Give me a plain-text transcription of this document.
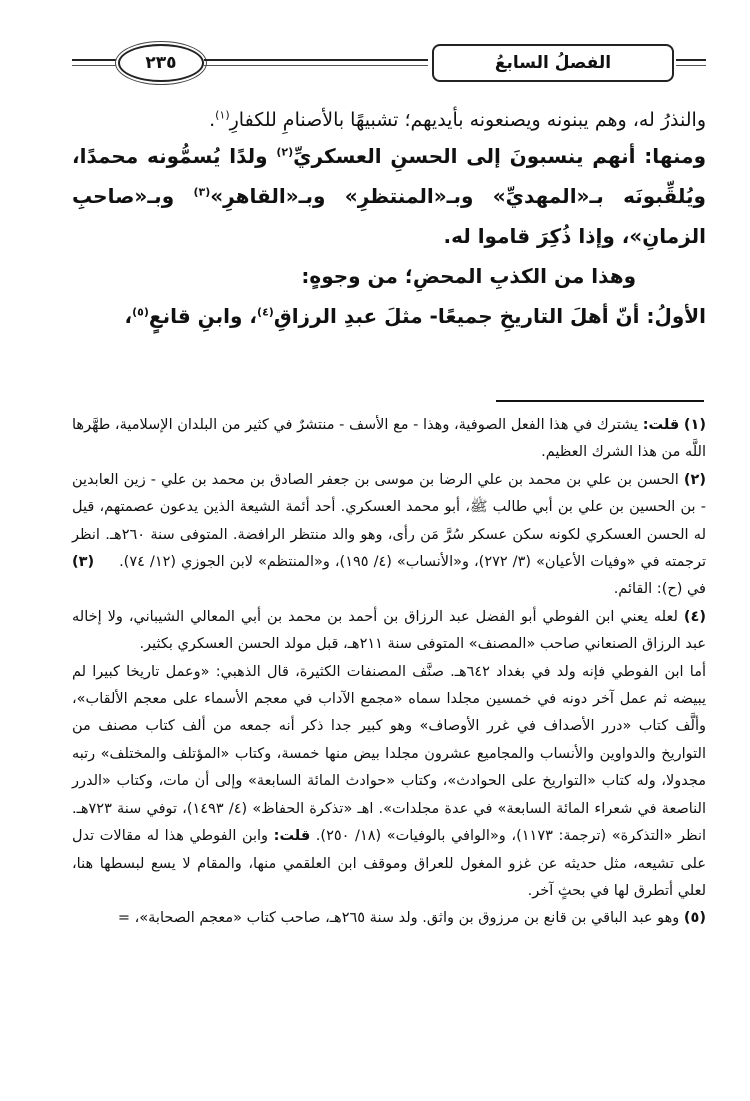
٢٣٥	الفصلُ السابعُ

والنذرُ له، وهم يبنونه ويصنعونه بأيديهم؛ تشبيهًا بالأصنامِ للكفارِ$^{(١)}$.

ومنها: أنهم ينسبونَ إلى الحسنِ العسكريِّ$^{(٢)}$ ولدًا يُسمُّونه محمدًا، ويُلقِّبونَه بـ«المهديِّ» وبـ«المنتظرِ» وبـ«القاهرِ»$^{(٣)}$ وبـ«صاحبِ الزمانِ»، وإذا ذُكِرَ قاموا له.

وهذا من الكذبِ المحضِ؛ من وجوهٍ:

الأولُ: أنّ أهلَ التاريخِ جميعًا- مثلَ عبدِ الرزاقِ$^{(٤)}$، وابنِ قانعٍ$^{(٥)}$،

(١) قلت: يشترك في هذا الفعل الصوفية، وهذا - مع الأسف - منتشرٌ في كثير من البلدان الإسلامية، طهَّرها اللَّه من هذا الشرك العظيم.

(٢) الحسن بن علي بن محمد بن علي الرضا بن موسى بن جعفر الصادق بن محمد بن علي - زين العابدين - بن الحسين بن علي بن أبي طالب ﷺ، أبو محمد العسكري. أحد أئمة الشيعة الذين يدعون عصمتهم، قيل له الحسن العسكري لكونه سكن عسكر سُرَّ مَن رأى، وهو والد منتظر الرافضة. المتوفى سنة ٢٦٠هـ. انظر ترجمته في «وفيات الأعيان» (٣/ ٢٧٢)، و«الأنساب» (٤/ ١٩٥)، و«المنتظم» لابن الجوزي (١٢/ ٧٤).     (٣) في (ح): القائم.

(٤) لعله يعني ابن الفوطي أبو الفضل عبد الرزاق بن أحمد بن محمد بن أبي المعالي الشيباني، ولا إخاله عبد الرزاق الصنعاني صاحب «المصنف» المتوفى سنة ٢١١هـ، قبل مولد الحسن العسكري بكثير.

أما ابن الفوطي فإنه ولد في بغداد ٦٤٢هـ. صنَّف المصنفات الكثيرة، قال الذهبي: «وعمل تاريخا كبيرا لم يبيضه ثم عمل آخر دونه في خمسين مجلدا سماه «مجمع الآداب في معجم الأسماء على معجم الألقاب»، وألَّف كتاب «درر الأصداف في غرر الأوصاف» وهو كبير جدا ذكر أنه جمعه من ألف كتاب مصنف من التواريخ والدواوين والأنساب والمجاميع عشرون مجلدا بيض منها خمسة، وكتاب «المؤتلف والمختلف» رتبه مجدولا، وله كتاب «التواريخ على الحوادث»، وكتاب «حوادث المائة السابعة» وإلى أن مات، وكتاب «الدرر الناصعة في شعراء المائة السابعة» في عدة مجلدات». اهـ «تذكرة الحفاظ» (٤/ ١٤٩٣)، توفي سنة ٧٢٣هـ. انظر «التذكرة» (ترجمة: ١١٧٣)، و«الوافي بالوفيات» (١٨/ ٢٥٠). قلت: وابن الفوطي هذا له مقالات تدل على تشيعه، مثل حديثه عن غزو المغول للعراق وموقف ابن العلقمي منها، والمقام لا يسع لبسطها هنا، لعلي أتطرق لها في بحثٍ آخر.

(٥) وهو عبد الباقي بن قانع بن مرزوق بن واثق. ولد سنة ٢٦٥هـ، صاحب كتاب «معجم الصحابة»، =
